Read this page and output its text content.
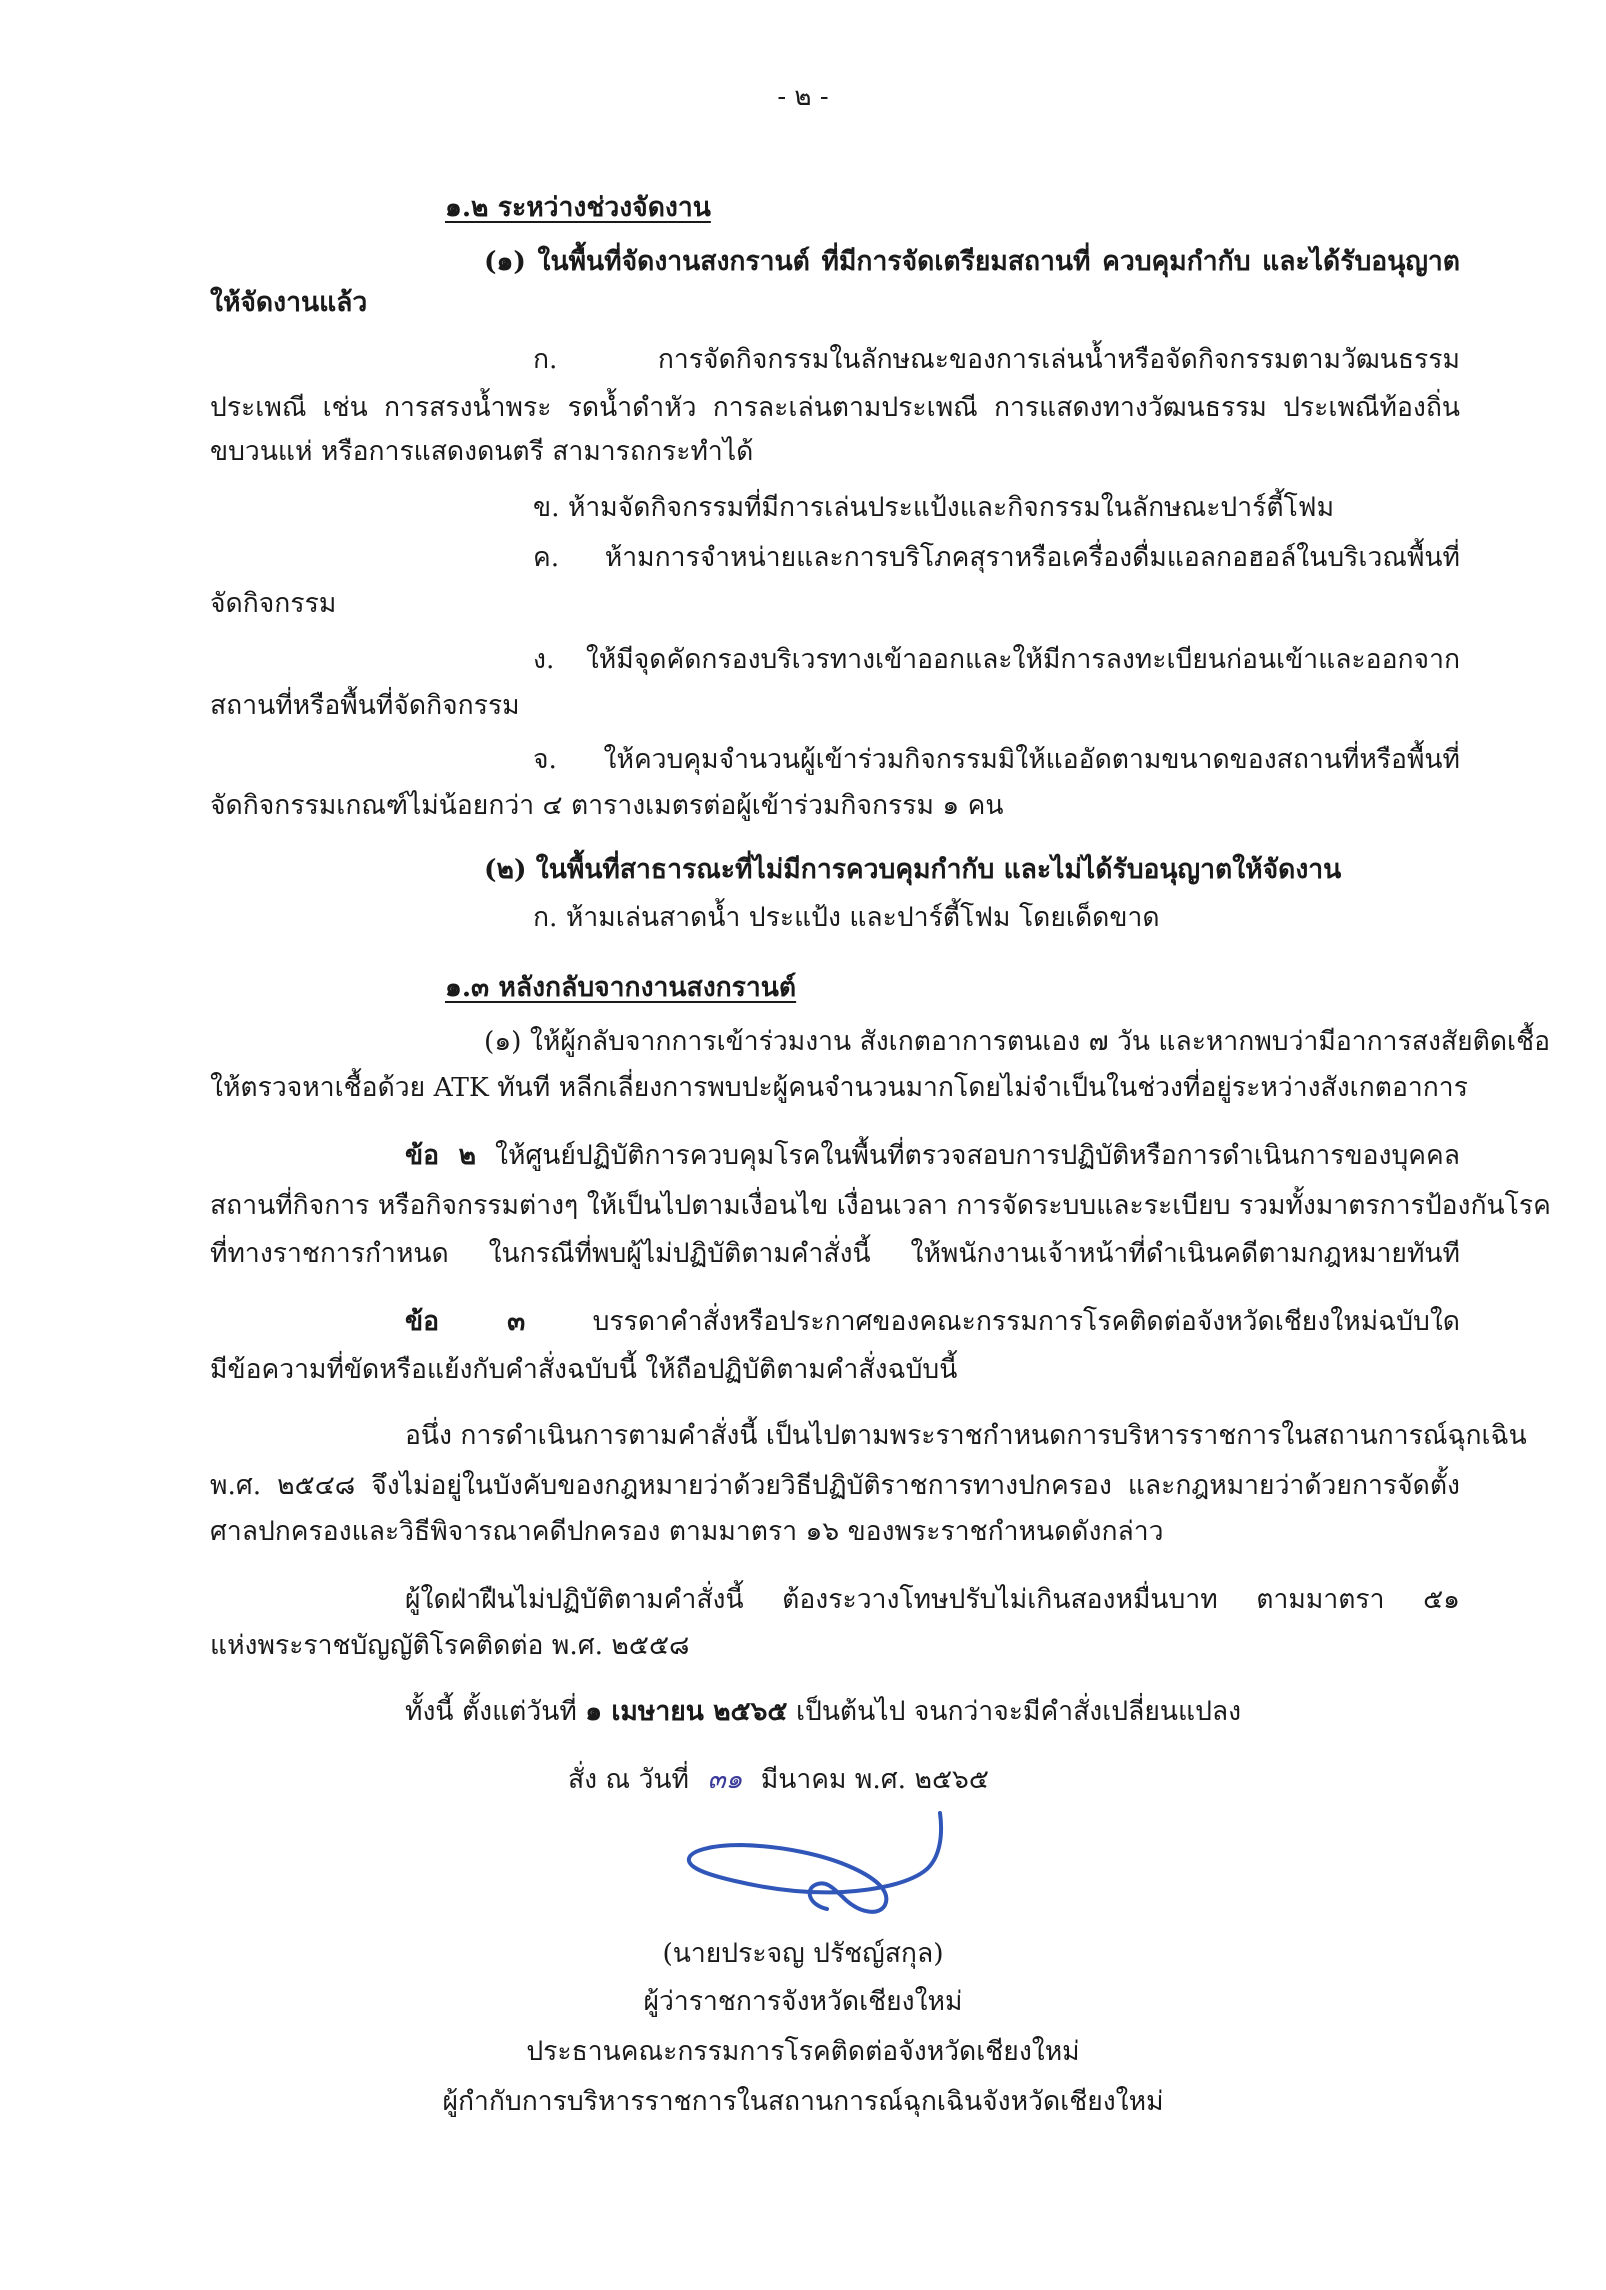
- ๒ -

๑.๒ ระหว่างช่วงจัดงาน

(๑) ในพื้นที่จัดงานสงกรานต์ ที่มีการจัดเตรียมสถานที่ ควบคุมกำกับ และได้รับอนุญาต

ให้จัดงานแล้ว

ก. การจัดกิจกรรมในลักษณะของการเล่นน้ำหรือจัดกิจกรรมตามวัฒนธรรม

ประเพณี เช่น การสรงน้ำพระ รดน้ำดำหัว การละเล่นตามประเพณี การแสดงทางวัฒนธรรม ประเพณีท้องถิ่น

ขบวนแห่ หรือการแสดงดนตรี สามารถกระทำได้

ข. ห้ามจัดกิจกรรมที่มีการเล่นประแป้งและกิจกรรมในลักษณะปาร์ตี้โฟม

ค. ห้ามการจำหน่ายและการบริโภคสุราหรือเครื่องดื่มแอลกอฮอล์ในบริเวณพื้นที่

จัดกิจกรรม

ง. ให้มีจุดคัดกรองบริเวรทางเข้าออกและให้มีการลงทะเบียนก่อนเข้าและออกจาก

สถานที่หรือพื้นที่จัดกิจกรรม

จ. ให้ควบคุมจำนวนผู้เข้าร่วมกิจกรรมมิให้แออัดตามขนาดของสถานที่หรือพื้นที่

จัดกิจกรรมเกณฑ์ไม่น้อยกว่า ๔ ตารางเมตรต่อผู้เข้าร่วมกิจกรรม ๑ คน

(๒) ในพื้นที่สาธารณะที่ไม่มีการควบคุมกำกับ และไม่ได้รับอนุญาตให้จัดงาน

ก. ห้ามเล่นสาดน้ำ ประแป้ง และปาร์ตี้โฟม โดยเด็ดขาด

๑.๓ หลังกลับจากงานสงกรานต์

(๑) ให้ผู้กลับจากการเข้าร่วมงาน สังเกตอาการตนเอง ๗ วัน และหากพบว่ามีอาการสงสัยติดเชื้อ

ให้ตรวจหาเชื้อด้วย ATK ทันที หลีกเลี่ยงการพบปะผู้คนจำนวนมากโดยไม่จำเป็นในช่วงที่อยู่ระหว่างสังเกตอาการ

ข้อ ๒ ให้ศูนย์ปฏิบัติการควบคุมโรคในพื้นที่ตรวจสอบการปฏิบัติหรือการดำเนินการของบุคคล

สถานที่กิจการ หรือกิจกรรมต่างๆ ให้เป็นไปตามเงื่อนไข เงื่อนเวลา การจัดระบบและระเบียบ รวมทั้งมาตรการป้องกันโรค

ที่ทางราชการกำหนด ในกรณีที่พบผู้ไม่ปฏิบัติตามคำสั่งนี้ ให้พนักงานเจ้าหน้าที่ดำเนินคดีตามกฎหมายทันที

ข้อ ๓	บรรดาคำสั่งหรือประกาศของคณะกรรมการโรคติดต่อจังหวัดเชียงใหม่ฉบับใด

มีข้อความที่ขัดหรือแย้งกับคำสั่งฉบับนี้ ให้ถือปฏิบัติตามคำสั่งฉบับนี้

อนึ่ง การดำเนินการตามคำสั่งนี้ เป็นไปตามพระราชกำหนดการบริหารราชการในสถานการณ์ฉุกเฉิน

พ.ศ. ๒๕๔๘ จึงไม่อยู่ในบังคับของกฎหมายว่าด้วยวิธีปฏิบัติราชการทางปกครอง และกฎหมายว่าด้วยการจัดตั้ง

ศาลปกครองและวิธีพิจารณาคดีปกครอง ตามมาตรา ๑๖ ของพระราชกำหนดดังกล่าว

ผู้ใดฝ่าฝืนไม่ปฏิบัติตามคำสั่งนี้ ต้องระวางโทษปรับไม่เกินสองหมื่นบาท ตามมาตรา ๕๑

แห่งพระราชบัญญัติโรคติดต่อ พ.ศ. ๒๕๕๘

ทั้งนี้ ตั้งแต่วันที่ ๑ เมษายน ๒๕๖๕ เป็นต้นไป จนกว่าจะมีคำสั่งเปลี่ยนแปลง

สั่ง ณ วันที่ ๓๑ มีนาคม พ.ศ. ๒๕๖๕

(นายประจญ ปรัชญ์สกุล)

ผู้ว่าราชการจังหวัดเชียงใหม่

ประธานคณะกรรมการโรคติดต่อจังหวัดเชียงใหม่

ผู้กำกับการบริหารราชการในสถานการณ์ฉุกเฉินจังหวัดเชียงใหม่
